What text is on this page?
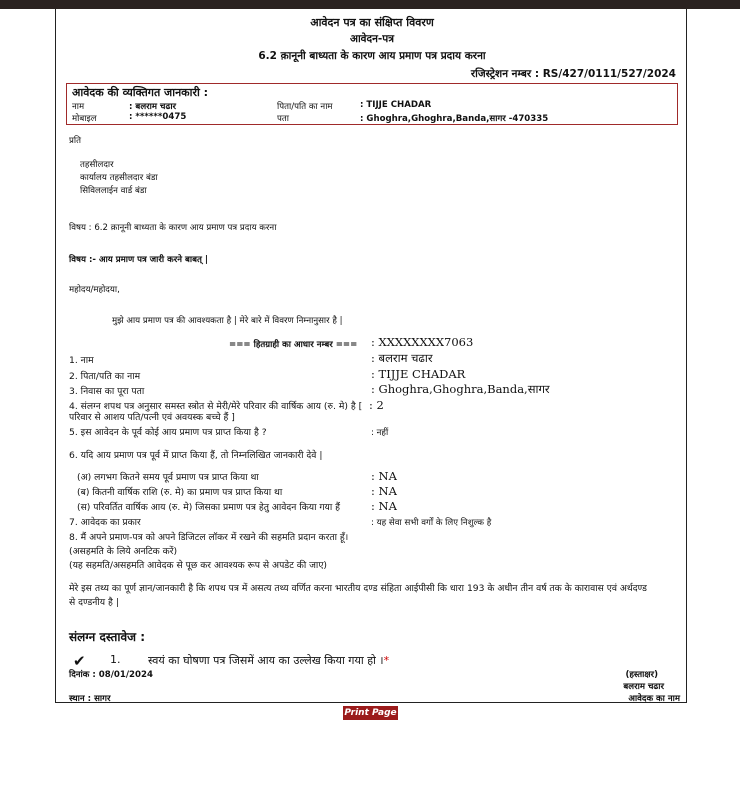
आवेदन पत्र का संक्षिप्त विवरण
आवेदन-पत्र
6.2 क़ानूनी बाध्यता के कारण आय प्रमाण पत्र प्रदाय करना
रजिस्ट्रेशन नम्बर : RS/427/0111/527/2024
आवेदक की व्यक्तिगत जानकारी :
नाम	: बलराम चढार	पिता/पति का नाम	: TIJJE CHADAR
मोबाइल	: ******0475	पता	: Ghoghra,Ghoghra,Banda,सागर -470335
प्रति
तहसीलदार
कार्यालय तहसीलदार बंडा
सिविललाईन वार्ड बंडा
विषय : 6.2 क़ानूनी बाध्यता के कारण आय प्रमाण पत्र प्रदाय करना
विषय :- आय प्रमाण पत्र जारी करने बाबत् |
महोदय/महोदया,
मुझे आय प्रमाण पत्र की आवश्यकता है | मेरे बारे में विवरण निम्नानुसार है |
=== हितग्राही का आधार नम्बर === : XXXXXXXX7063
1. नाम	: बलराम चढार
2. पिता/पति का नाम	: TIJJE CHADAR
3. निवास का पूरा पता	: Ghoghra,Ghoghra,Banda,सागर
4. संलग्न शपथ पत्र अनुसार समस्त स्त्रोत से मेरी/मेरे परिवार की वार्षिक आय (रु. मे) है [
परिवार से आशय पति/पत्नी एवं अवयस्क बच्चे हैं ]
: 2
5. इस आवेदन के पूर्व कोई आय प्रमाण पत्र प्राप्त किया है ?	: नहीं
6. यदि आय प्रमाण पत्र पूर्व में प्राप्त किया हैं, तो निम्नलिखित जानकारी देवे |
(अ) लगभग कितने समय पूर्व प्रमाण पत्र प्राप्त किया था	: NA
(ब) कितनी वार्षिक राशि (रु. मे) का प्रमाण पत्र प्राप्त किया था	: NA
(स) परिवर्तित वार्षिक आय (रु. मे) जिसका प्रमाण पत्र हेतु आवेदन किया गया हैं	: NA
7. आवेदक का प्रकार	: यह सेवा सभी वर्गों के लिए निशुल्क है
8. मैं अपने प्रमाण-पत्र को अपने डिजिटल लॉकर में रखने की सहमति प्रदान करता हूँ।
(असहमति के लिये अनटिक करें)
(यह सहमति/असहमति आवेदक से पूछ कर आवश्यक रूप से अपडेट की जाए)
मेरे इस तथ्य का पूर्ण ज्ञान/जानकारी है कि शपथ पत्र में असत्य तथ्य वर्णित करना भारतीय दण्ड संहिता आईपीसी कि धारा 193 के अधीन तीन वर्ष तक के कारावास एवं अर्थदण्ड
से दण्डनीय है |
संलग्न दस्तावेज :
✔ 1.	स्वयं का घोषणा पत्र जिसमें आय का उल्लेख किया गया हो ।*
दिनांक : 08/01/2024
स्थान : सागर
(हस्ताक्षर)
बलराम चढार
आवेदक का नाम
Print Page
